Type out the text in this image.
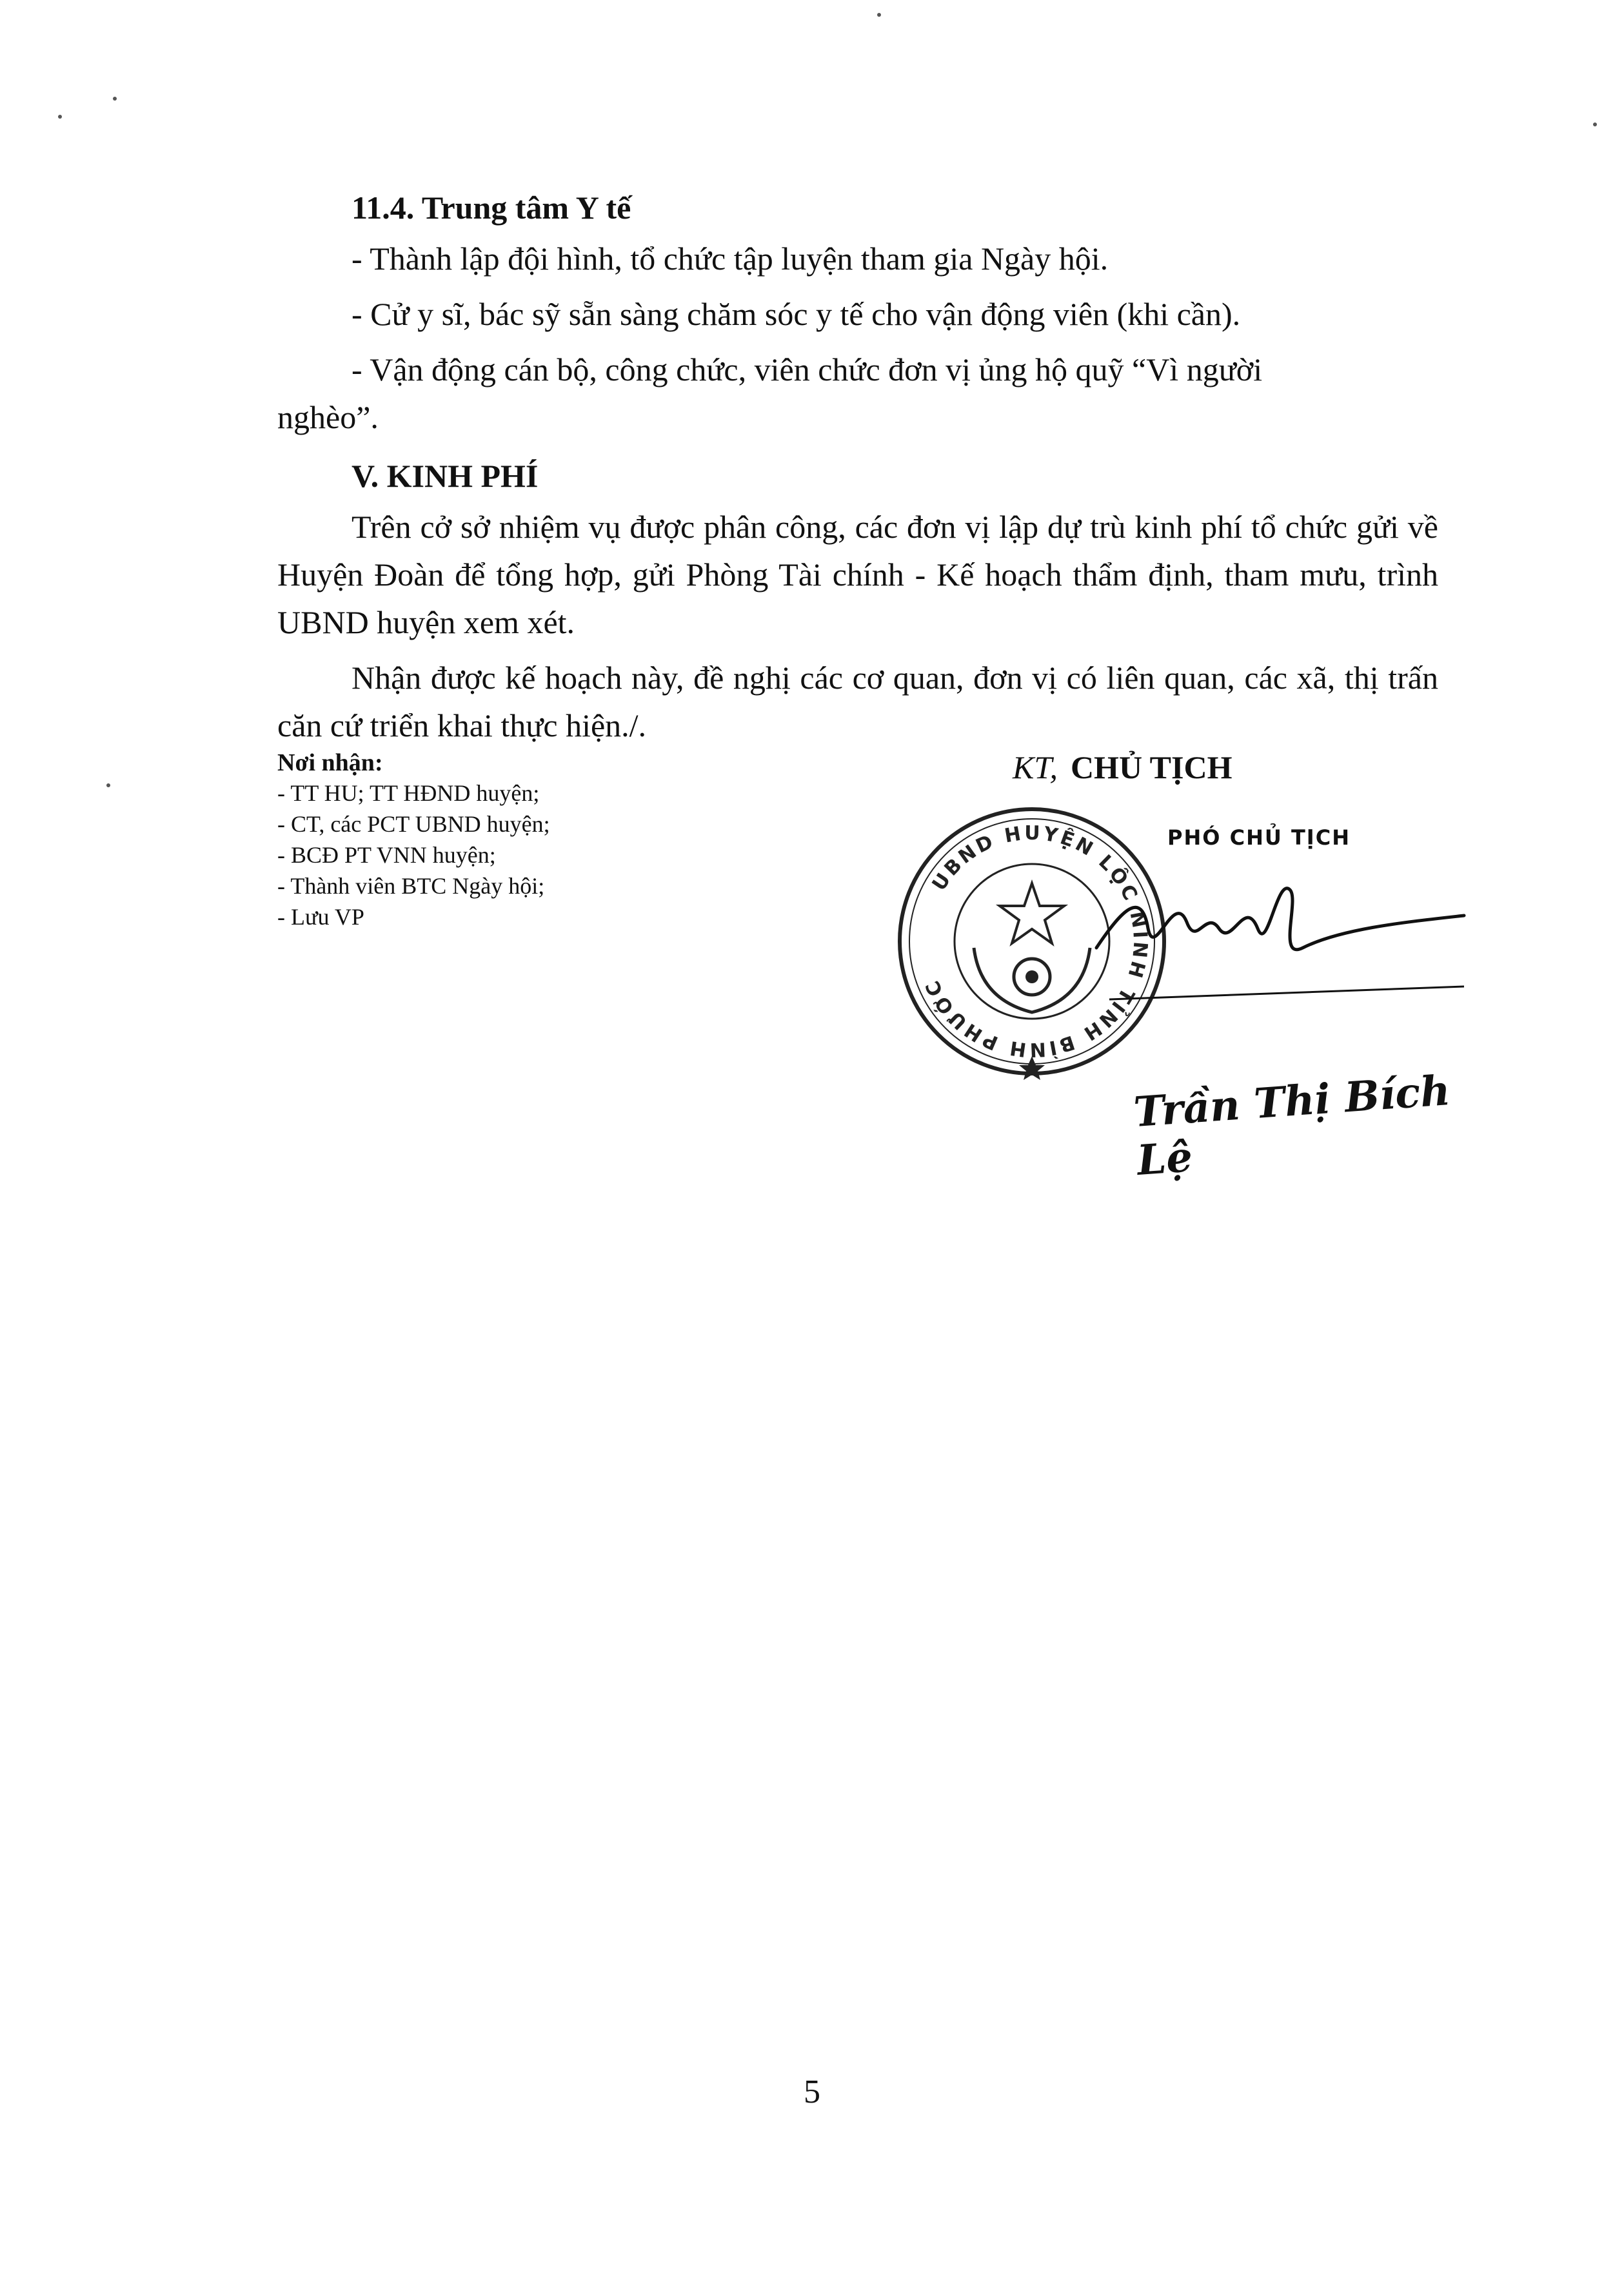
11.4. Trung tâm Y tế

- Thành lập đội hình, tổ chức tập luyện tham gia Ngày hội.

- Cử y sĩ, bác sỹ sẵn sàng chăm sóc y tế cho vận động viên (khi cần).

- Vận động cán bộ, công chức, viên chức đơn vị ủng hộ quỹ “Vì người
nghèo”.

V. KINH PHÍ

Trên cở sở nhiệm vụ được phân công, các đơn vị lập dự trù kinh phí tổ chức gửi về Huyện Đoàn để tổng hợp, gửi Phòng Tài chính - Kế hoạch thẩm định, tham mưu, trình UBND huyện xem xét.

Nhận được kế hoạch này, đề nghị các cơ quan, đơn vị có liên quan, các xã, thị trấn căn cứ triển khai thực hiện./.

Nơi nhận:
- TT HU; TT HĐND huyện;
- CT, các PCT UBND huyện;
- BCĐ PT VNN huyện;
- Thành viên BTC Ngày hội;
- Lưu VP
KT, CHỦ TỊCH
UBND HUYỆN LỘC NINH TỈNH BÌNH PHƯỚC
PHÓ CHỦ TỊCH
Trần Thị Bích Lệ
5
